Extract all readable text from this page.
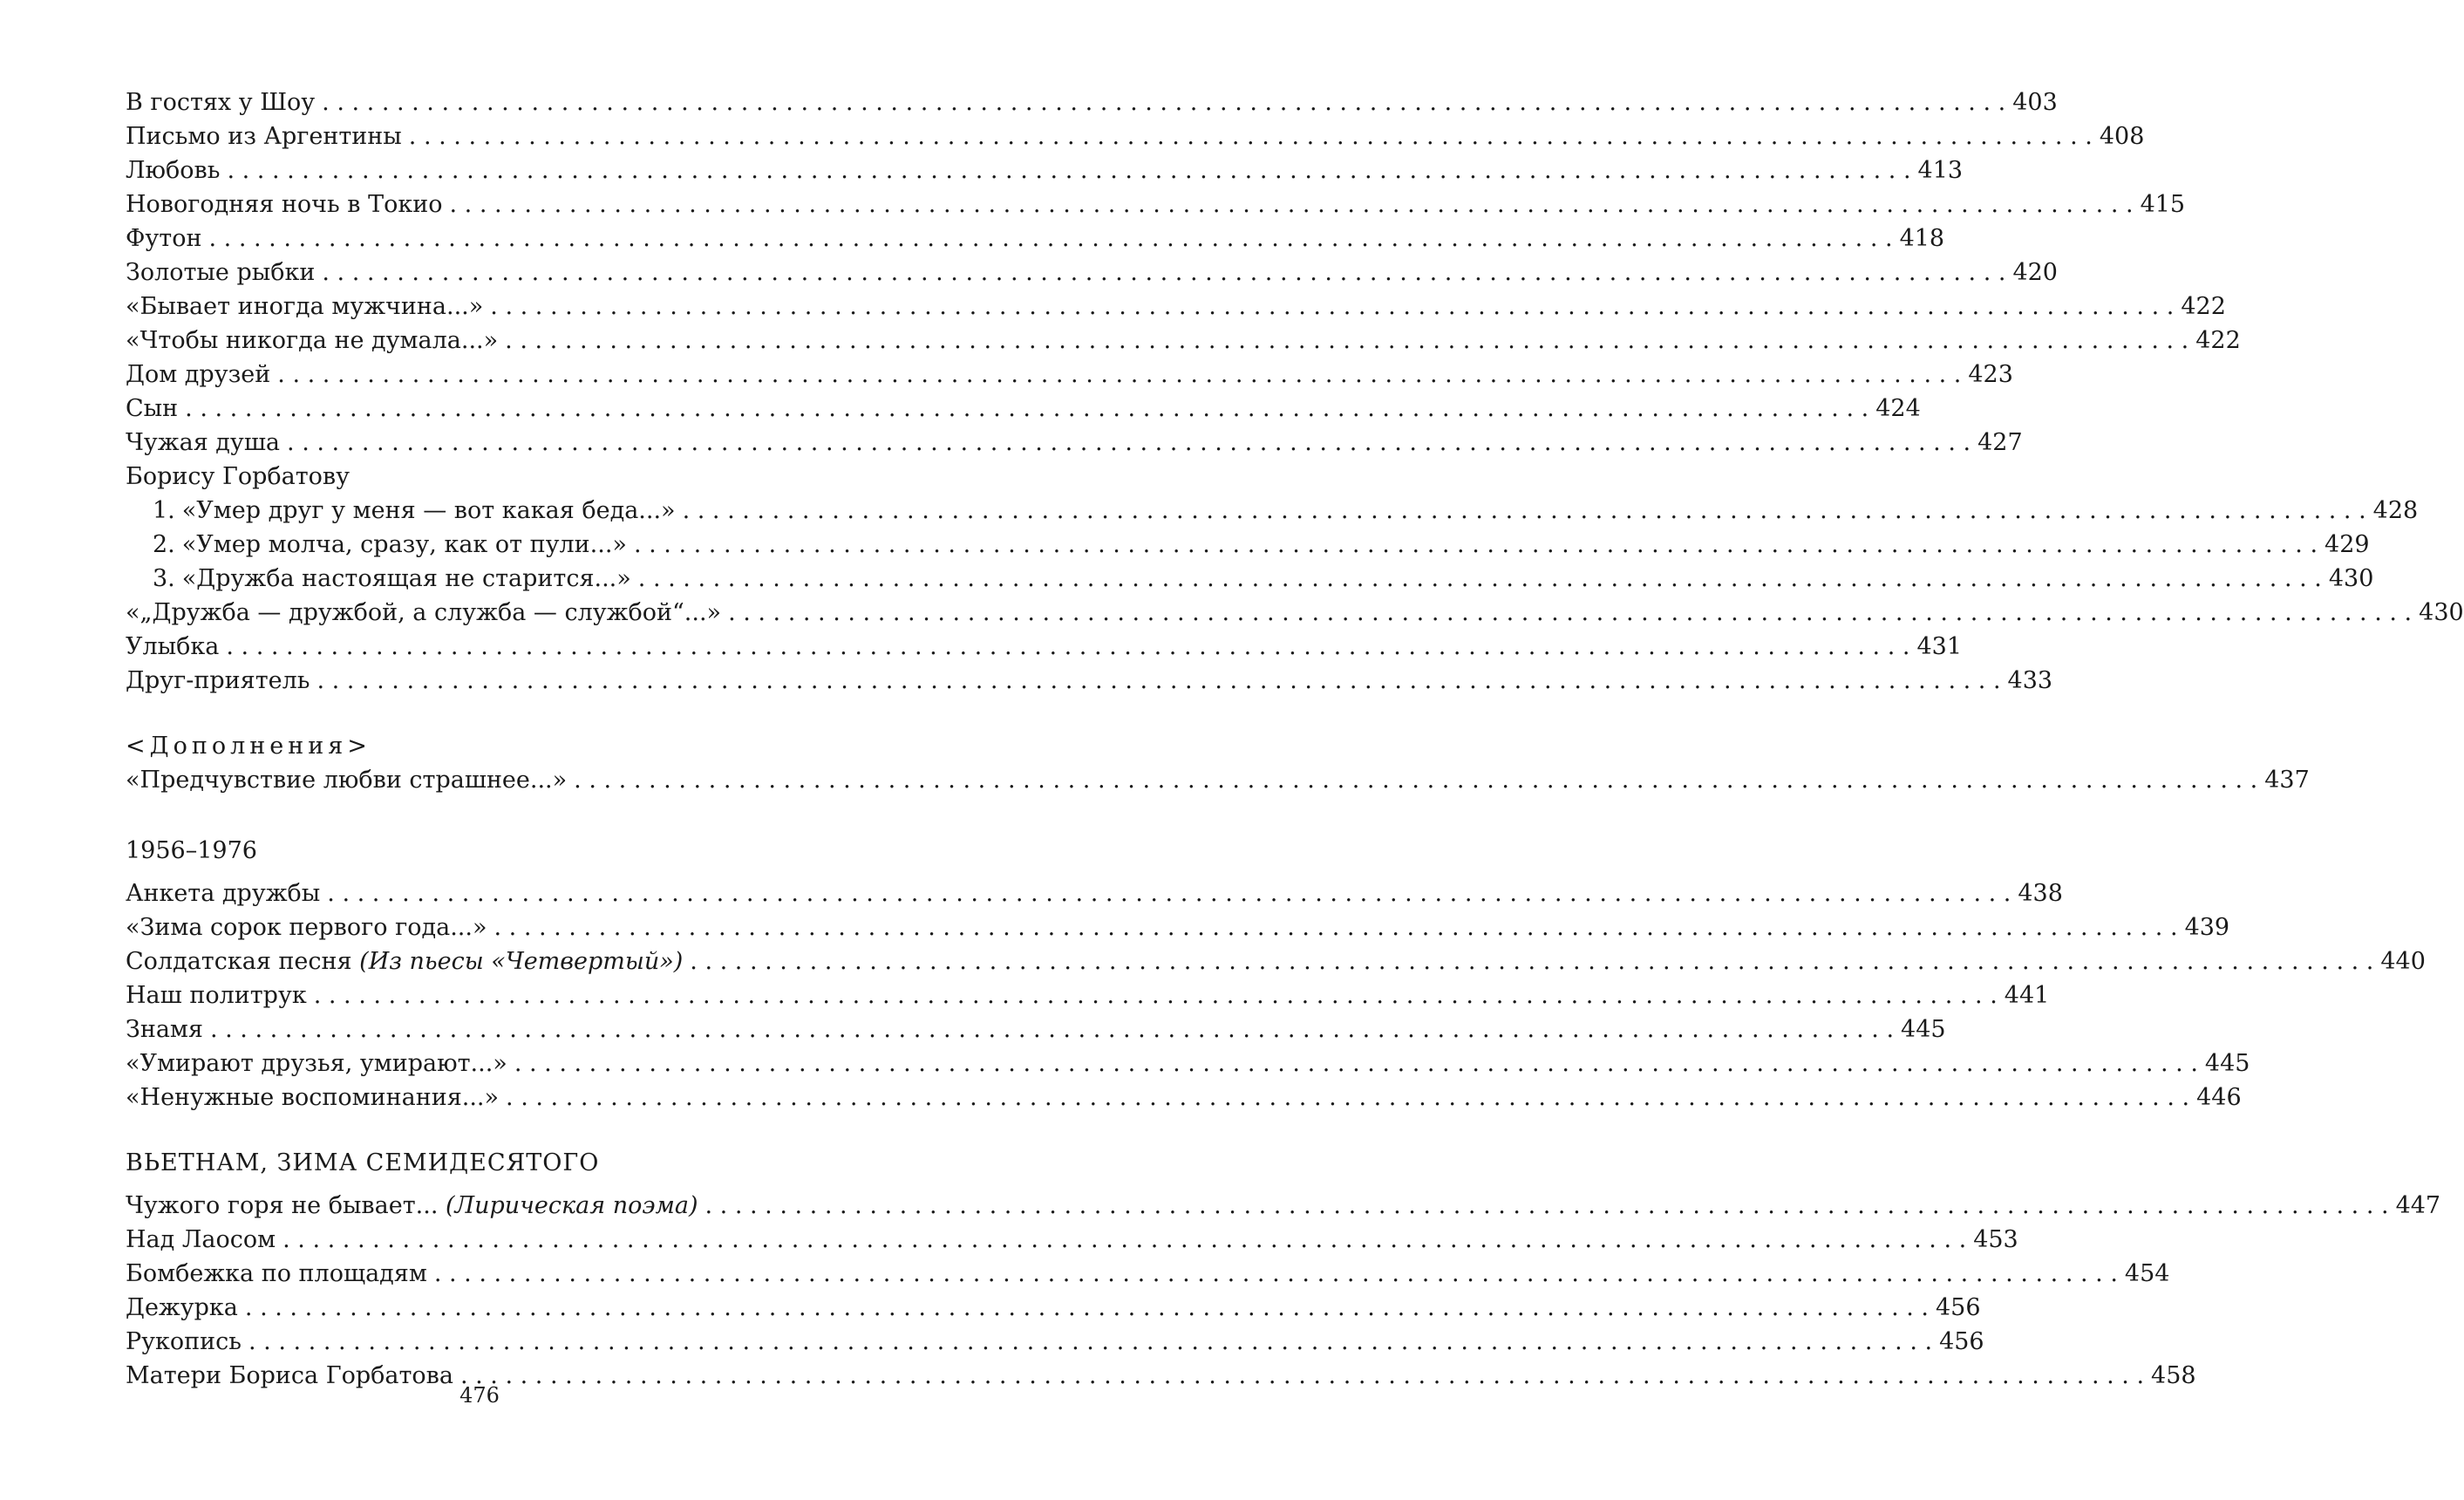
В гостях у Шоу . . .	403
Письмо из Аргентины . . .	408
Любовь . . .	413
Новогодняя ночь в Токио . . .	415
Футон . . .	418
Золотые рыбки . . .	420
«Бывает иногда мужчина...» . . .	422
«Чтобы никогда не думала...» . . .	422
Дом друзей . . .	423
Сын . . .	424
Чужая душа . . .	427
Борису Горбатову
1. «Умер друг у меня — вот какая беда...» . . .	428
2. «Умер молча, сразу, как от пули...» . . .	429
3. «Дружба настоящая не старится...» . . .	430
«„Дружба — дружбой, а служба — службой“...» . . .	430
Улыбка . . .	431
Друг-приятель . . .	433
<Дополнения>
«Предчувствие любви страшнее...» . . .	437
1956–1976
Анкета дружбы . . .	438
«Зима сорок первого года...» . . .	439
Солдатская песня (Из пьесы «Четвертый») . . .	440
Наш политрук . . .	441
Знамя . . .	445
«Умирают друзья, умирают...» . . .	445
«Ненужные воспоминания...» . . .	446
ВЬЕТНАМ, ЗИМА СЕМИДЕСЯТОГО
Чужого горя не бывает... (Лирическая поэма) . . .	447
Над Лаосом . . .	453
Бомбежка по площадям . . .	454
Дежурка . . .	456
Рукопись . . .	456
Матери Бориса Горбатова . . .	458
476
